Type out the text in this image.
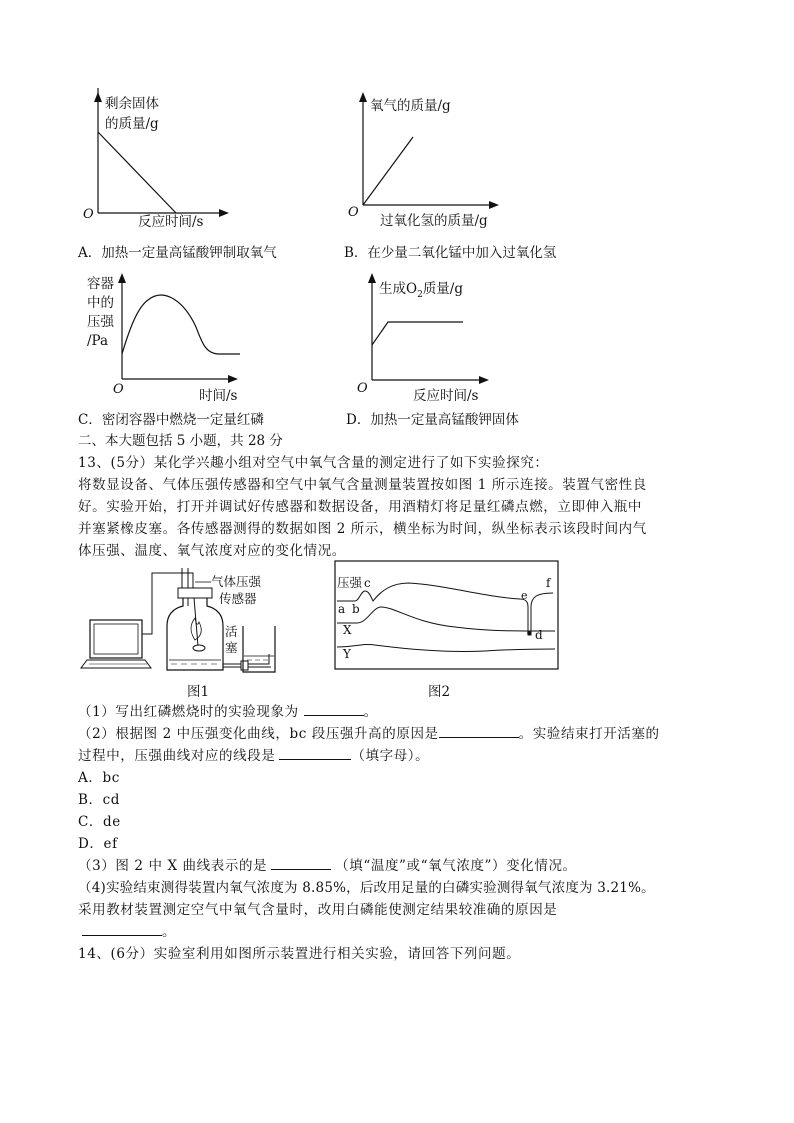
剩余固体
的质量/g
O	反应时间/s
A．加热一定量高锰酸钾制取氧气
氧气的质量/g
O
过氧化氢的质量/g
B．在少量二氧化锰中加入过氧化氢
容器
中的
压强
/Pa
O	时间/s
C．密闭容器中燃烧一定量红磷
生成$O_2$质量/g
O	反应时间/s
D．加热一定量高锰酸钾固体
二、本大题包括 5 小题，共 28 分
13、(5分）某化学兴趣小组对空气中氧气含量的测定进行了如下实验探究：
将数显设备、气体压强传感器和空气中氧气含量测量装置按如图 1 所示连接。装置气密性良
好。实验开始，打开并调试好传感器和数据设备，用酒精灯将足量红磷点燃，立即伸入瓶中
并塞紧橡皮塞。各传感器测得的数据如图 2 所示，横坐标为时间，纵坐标表示该段时间内气
体压强、温度、氧气浓度对应的变化情况。
气体压强
传感器
活
塞
图1
压强 c
a b
X
Y
d
e
f
图2
（1）写出红磷燃烧时的实验现象为	。
（2）根据图 2 中压强变化曲线，bc 段压强升高的原因是	。实验结束打开活塞的
过程中，压强曲线对应的线段是	（填字母）。
A．bc
B．cd
C．de
D．ef
（3）图 2 中 X 曲线表示的是	（填“温度”或“氧气浓度”）变化情况。
（4)实验结束测得装置内氧气浓度为 8.85%，后改用足量的白磷实验测得氧气浓度为 3.21%。
采用教材装置测定空气中氧气含量时，改用白磷能使测定结果较准确的原因是
。
14、(6分）实验室利用如图所示装置进行相关实验，请回答下列问题。
